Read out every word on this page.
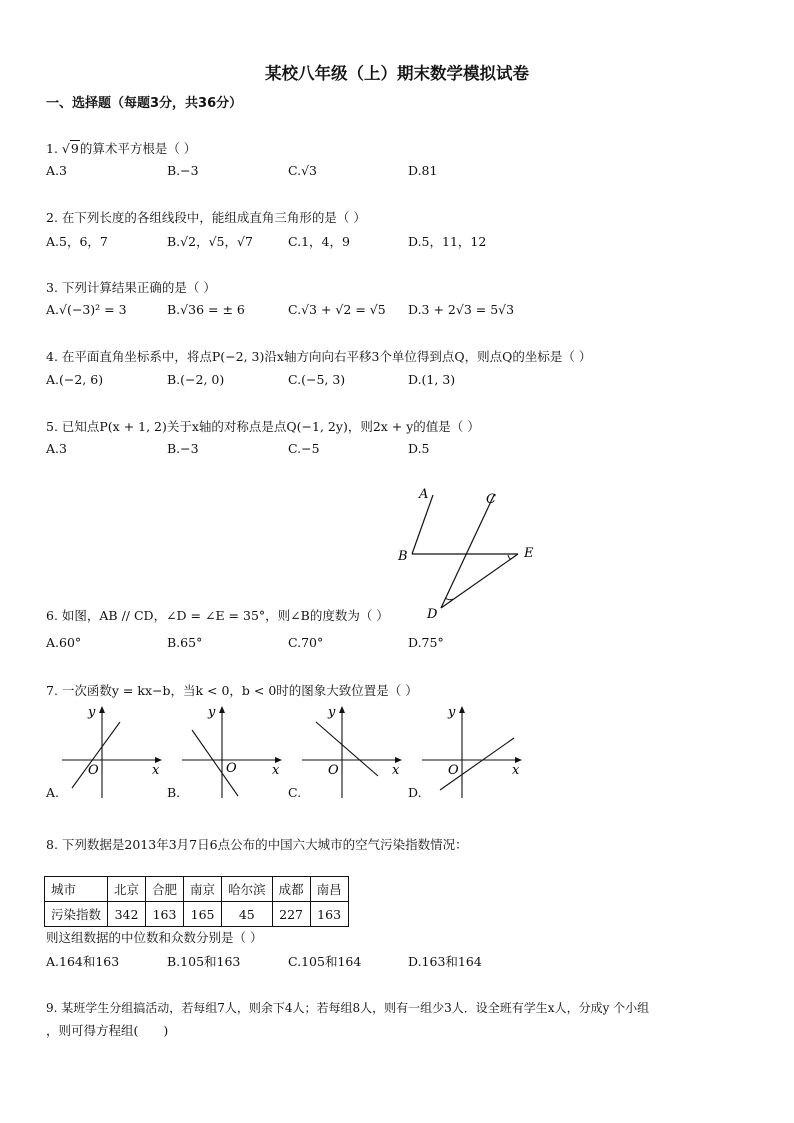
某校八年级（上）期末数学模拟试卷
一、选择题（每题3分，共36分）
1. √9的算术平方根是（ ）
A.3	B.−3	C.√3	D.81
2. 在下列长度的各组线段中，能组成直角三角形的是（ ）
A.5，6，7	B.√2，√5，√7	C.1，4，9	D.5，11，12
3. 下列计算结果正确的是（ ）
A.√(−3)² = 3	B.√36 = ± 6	C.√3 + √2 = √5 D.3 + 2√3 = 5√3
4. 在平面直角坐标系中，将点P(−2, 3)沿x轴方向向右平移3个单位得到点Q，则点Q的坐标是（ ）
A.(−2, 6)	B.(−2, 0)	C.(−5, 3)	D.(1, 3)
5. 已知点P(x + 1, 2)关于x轴的对称点是点Q(−1, 2y)，则2x + y的值是（ ）
A.3	B.−3	C.−5	D.5
A
B
C
D
E
6. 如图，AB // CD，∠D = ∠E = 35°，则∠B的度数为（ ）
A.60°	B.65°	C.70°	D.75°
7. 一次函数y = kx−b，当k < 0，b < 0时的图象大致位置是（ ）
y
x
O
y
x
O
y
x
O
y
x
O
A.	B.	C.	D.
8. 下列数据是2013年3月7日6点公布的中国六大城市的空气污染指数情况：
城市	北京	合肥	南京	哈尔滨	成都	南昌
污染指数	342	163	165	45	227	163
则这组数据的中位数和众数分别是（ ）
A.164和163	B.105和163	C.105和164	D.163和164
9. 某班学生分组搞活动，若每组7人，则余下4人；若每组8人，则有一组少3人．设全班有学生x人，分成y 个小组
，则可得方程组(　　)
